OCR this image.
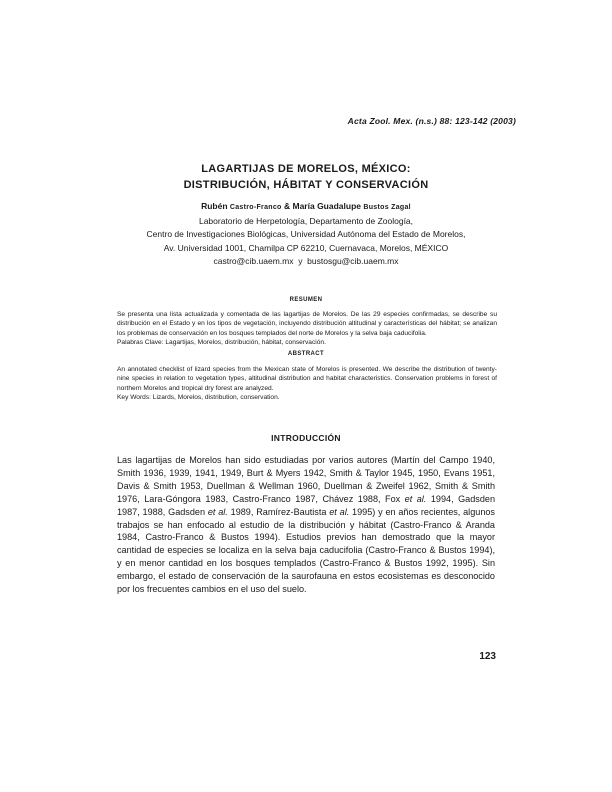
Acta Zool. Mex. (n.s.) 88: 123-142 (2003)
LAGARTIJAS DE MORELOS, MÉXICO:
DISTRIBUCIÓN, HÁBITAT Y CONSERVACIÓN
Rubén Castro-Franco & María Guadalupe Bustos Zagal
Laboratorio de Herpetología, Departamento de Zoología,
Centro de Investigaciones Biológicas, Universidad Autónoma del Estado de Morelos,
Av. Universidad 1001, Chamilpa CP 62210, Cuernavaca, Morelos, MÉXICO
castro@cib.uaem.mx  y  bustosgu@cib.uaem.mx
RESUMEN

Se presenta una lista actualizada y comentada de las lagartijas de Morelos. De las 29 especies confirmadas, se describe su distribución en el Estado y en los tipos de vegetación, incluyendo distribución altitudinal y características del hábitat; se analizan los problemas de conservación en los bosques templados del norte de Morelos y la selva baja caducifolia.

Palabras Clave: Lagartijas, Morelos, distribución, hábitat, conservación.
ABSTRACT

An annotated checklist of lizard species from the Mexican state of Morelos is presented. We describe the distribution of twenty-nine species in relation to vegetation types, altitudinal distribution and habitat characteristics. Conservation problems in forest of northern Morelos and tropical dry forest are analyzed.

Key Words: Lizards, Morelos, distribution, conservation.
INTRODUCCIÓN

Las lagartijas de Morelos han sido estudiadas por varios autores (Martín del Campo 1940, Smith 1936, 1939, 1941, 1949, Burt & Myers 1942, Smith & Taylor 1945, 1950, Evans 1951, Davis & Smith 1953, Duellman & Wellman 1960, Duellman & Zweifel 1962, Smith & Smith 1976, Lara-Góngora 1983, Castro-Franco 1987, Chávez 1988, Fox et al. 1994, Gadsden 1987, 1988, Gadsden et al. 1989, Ramírez-Bautista et al. 1995) y en años recientes, algunos trabajos se han enfocado al estudio de la distribución y hábitat (Castro-Franco & Aranda 1984, Castro-Franco & Bustos 1994). Estudios previos han demostrado que la mayor cantidad de especies se localiza en la selva baja caducifolia (Castro-Franco & Bustos 1994), y en menor cantidad en los bosques templados (Castro-Franco & Bustos 1992, 1995). Sin embargo, el estado de conservación de la saurofauna en estos ecosistemas es desconocido por los frecuentes cambios en el uso del suelo.

123
